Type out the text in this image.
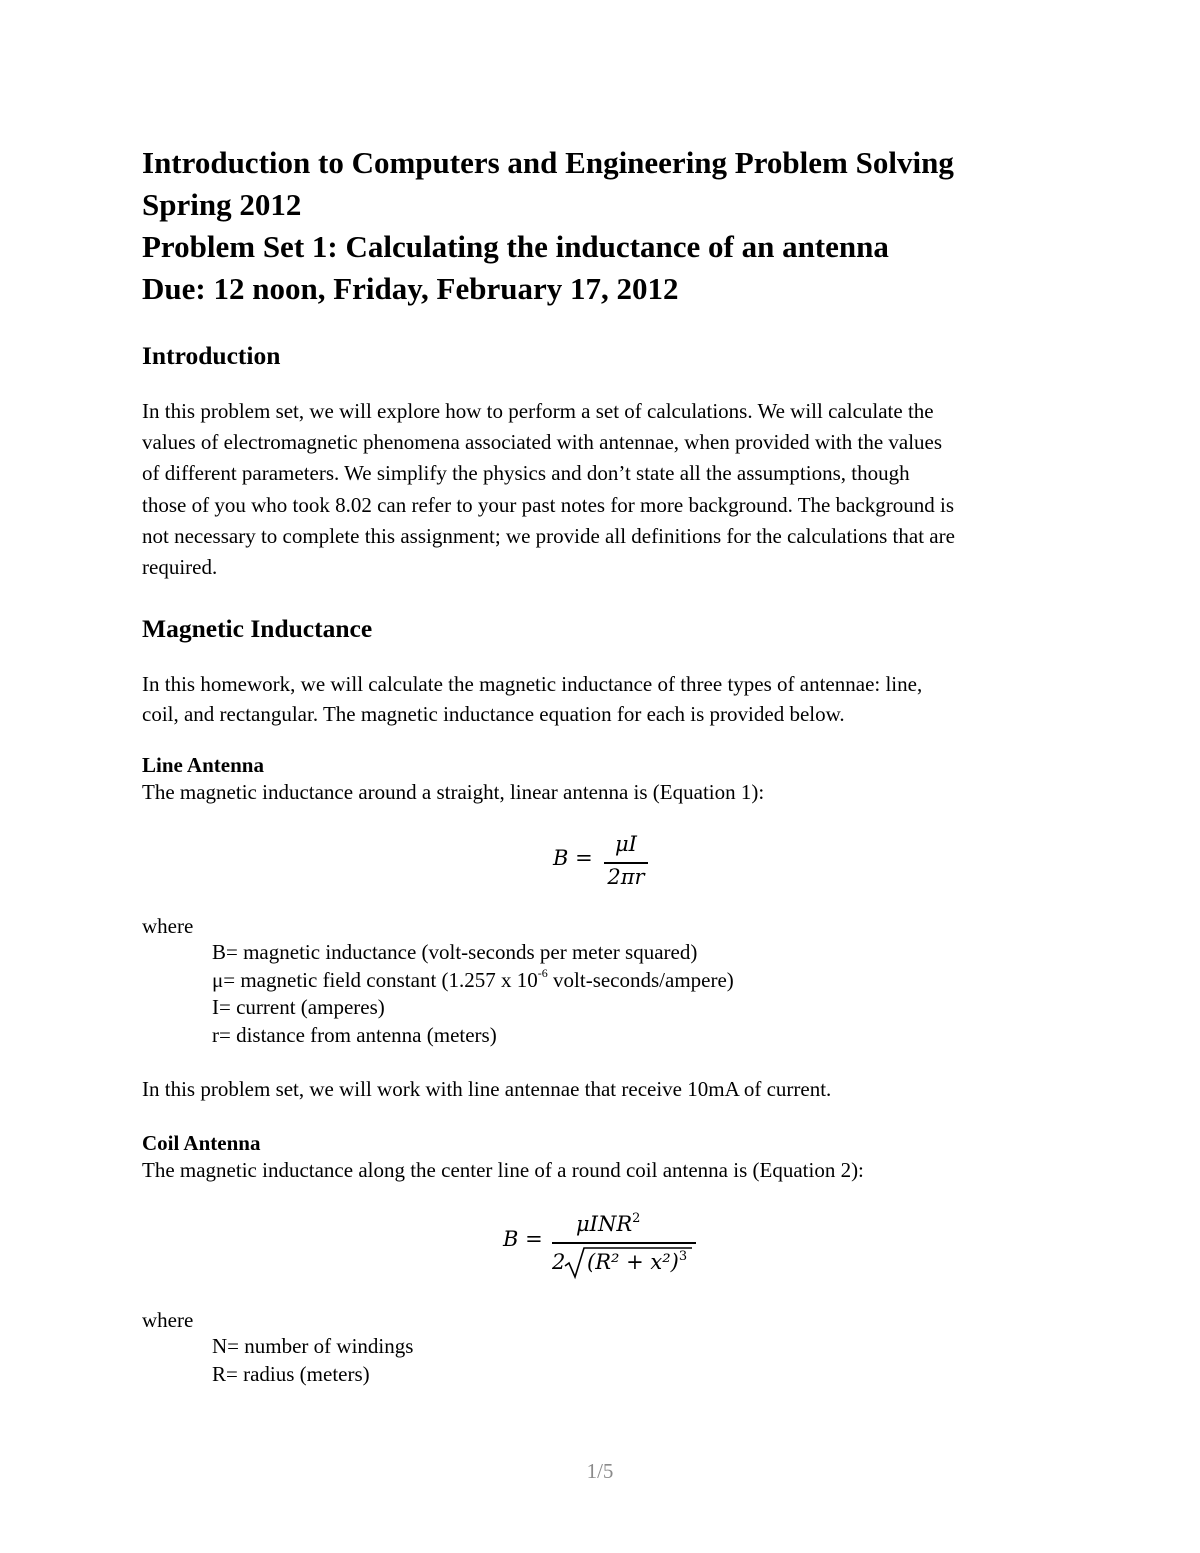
Introduction to Computers and Engineering Problem Solving
Spring 2012
Problem Set 1: Calculating the inductance of an antenna
Due: 12 noon, Friday, February 17, 2012
Introduction
In this problem set, we will explore how to perform a set of calculations. We will calculate the
values of electromagnetic phenomena associated with antennae, when provided with the values
of different parameters. We simplify the physics and don’t state all the assumptions, though
those of you who took 8.02 can refer to your past notes for more background. The background is
not necessary to complete this assignment; we provide all definitions for the calculations that are
required.
Magnetic Inductance
In this homework, we will calculate the magnetic inductance of three types of antennae: line,
coil, and rectangular. The magnetic inductance equation for each is provided below.
Line Antenna
The magnetic inductance around a straight, linear antenna is (Equation 1):
B =
μI
2πr
where
B= magnetic inductance (volt-seconds per meter squared)
μ= magnetic field constant (1.257 x $10^{-6}$ volt-seconds/ampere)
I= current (amperes)
r= distance from antenna (meters)
In this problem set, we will work with line antennae that receive 10mA of current.
Coil Antenna
The magnetic inductance along the center line of a round coil antenna is (Equation 2):
B =
μINR$^2$
2 $(R^2 + x^2)^3$
where
N= number of windings
R= radius (meters)
1/5
